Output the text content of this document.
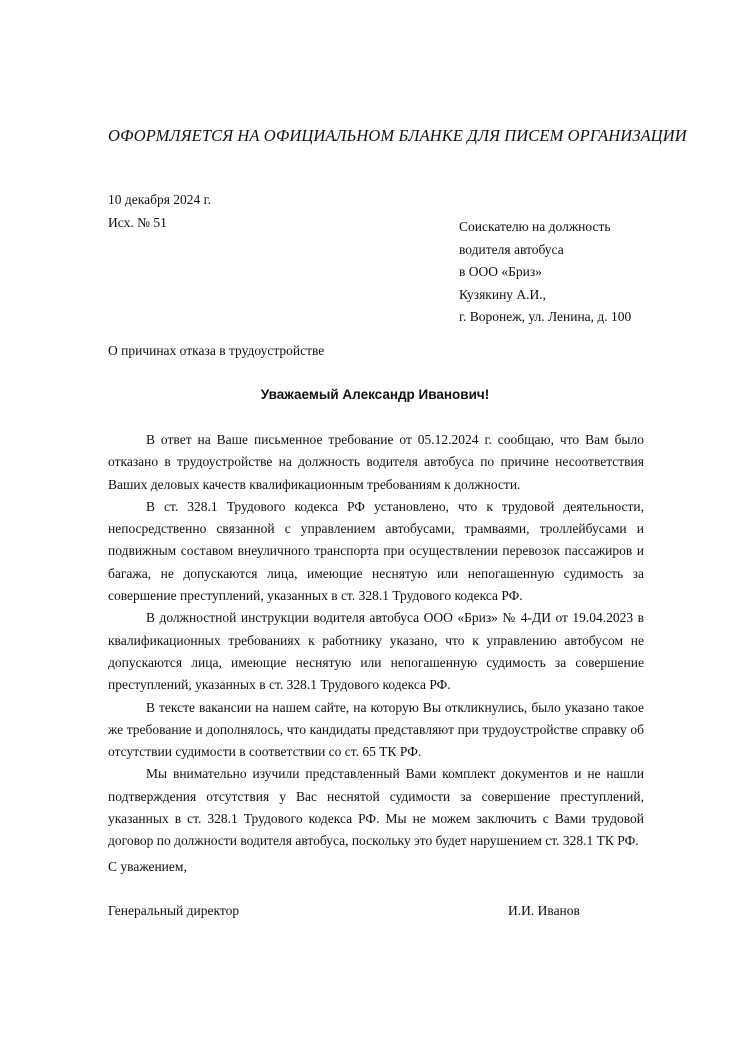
ОФОРМЛЯЕТСЯ НА ОФИЦИАЛЬНОМ БЛАНКЕ ДЛЯ ПИСЕМ ОРГАНИЗАЦИИ
10 декабря 2024 г.
Исх. № 51	Соискателю на должность
водителя автобуса
в ООО «Бриз»
Кузякину А.И.,
г. Воронеж, ул. Ленина, д. 100
О причинах отказа в трудоустройстве
Уважаемый Александр Иванович!

В ответ на Ваше письменное требование от 05.12.2024 г. сообщаю, что Вам было отказано в трудоустройстве на должность водителя автобуса по причине несоответствия Ваших деловых качеств квалификационным требованиям к должности.

В ст. 328.1 Трудового кодекса РФ установлено, что к трудовой деятельности, непосредственно связанной с управлением автобусами, трамваями, троллейбусами и подвижным составом внеуличного транспорта при осуществлении перевозок пассажиров и багажа, не допускаются лица, имеющие неснятую или непогашенную судимость за совершение преступлений, указанных в ст. 328.1 Трудового кодекса РФ.

В должностной инструкции водителя автобуса ООО «Бриз» № 4-ДИ от 19.04.2023 в квалификационных требованиях к работнику указано, что к управлению автобусом не допускаются лица, имеющие неснятую или непогашенную судимость за совершение преступлений, указанных в ст. 328.1 Трудового кодекса РФ.

В тексте вакансии на нашем сайте, на которую Вы откликнулись, было указано такое же требование и дополнялось, что кандидаты представляют при трудоустройстве справку об отсутствии судимости в соответствии со ст. 65 ТК РФ.

Мы внимательно изучили представленный Вами комплект документов и не нашли подтверждения отсутствия у Вас неснятой судимости за совершение преступлений, указанных в ст. 328.1 Трудового кодекса РФ. Мы не можем заключить с Вами трудовой договор по должности водителя автобуса, поскольку это будет нарушением ст. 328.1 ТК РФ.

С уважением,
Генеральный директор	И.И. Иванов
